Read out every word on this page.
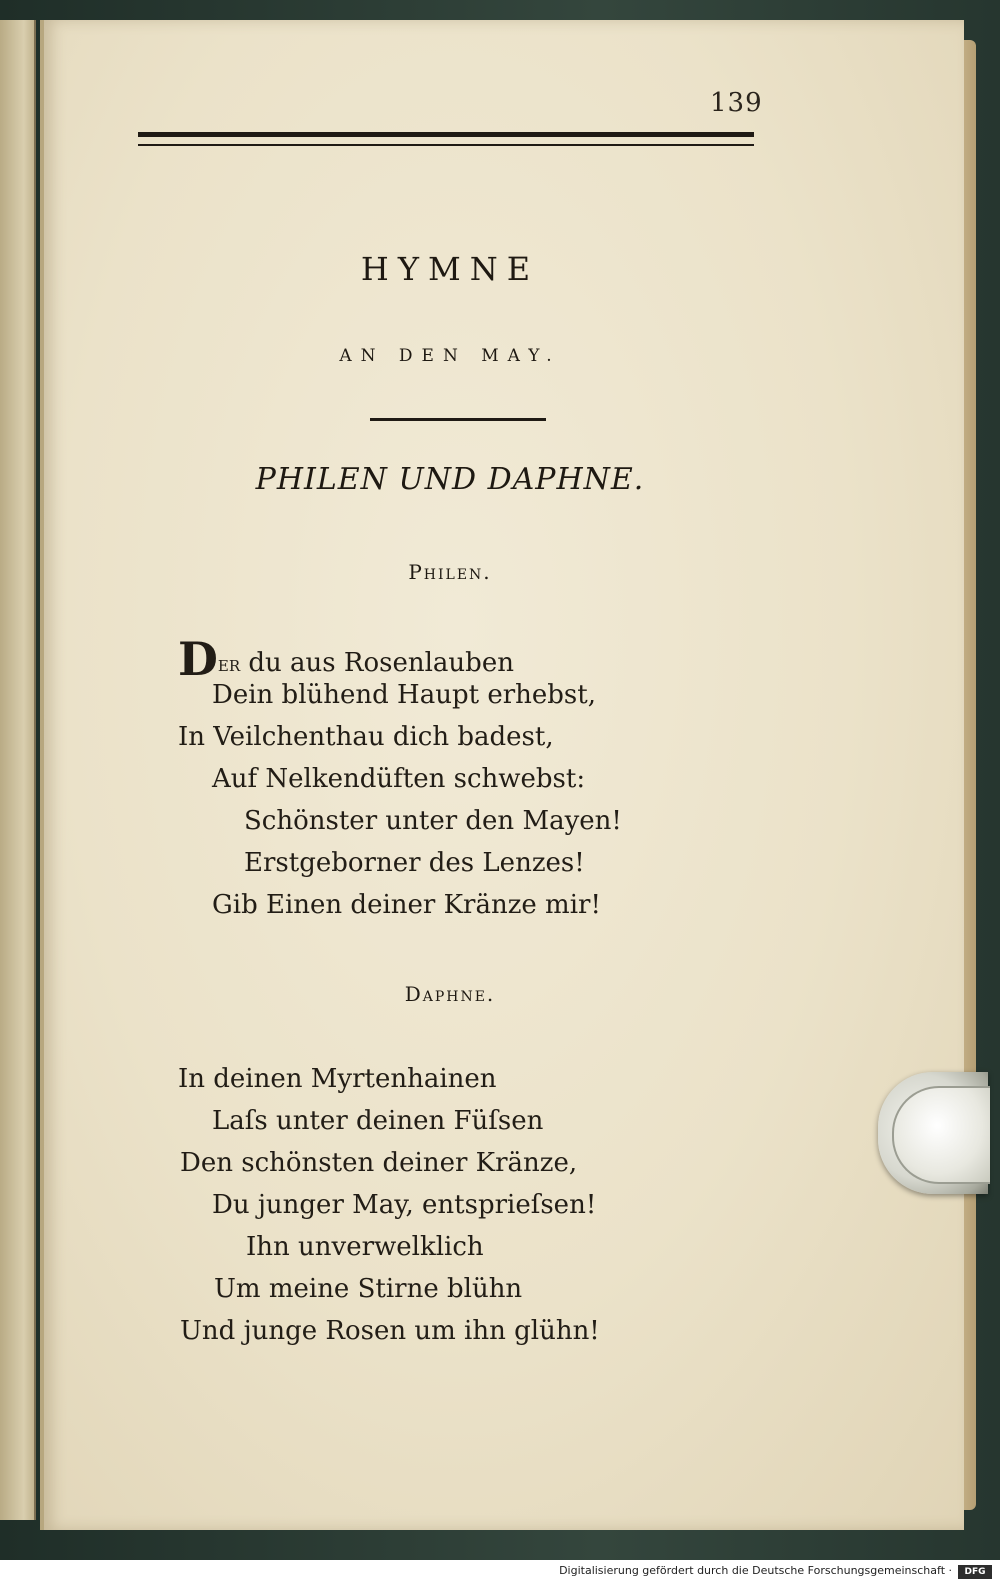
139
HYMNE
AN DEN MAY.
PHILEN UND DAPHNE.
Philen.
Der du aus Rosenlauben
Dein blühend Haupt erhebst,
In Veilchenthau dich badest,
Auf Nelkendüften schwebst:
Schönster unter den Mayen!
Erstgeborner des Lenzes!
Gib Einen deiner Kränze mir!
Daphne.
In deinen Myrtenhainen
Laſs unter deinen Füſsen
Den schönsten deiner Kränze,
Du junger May, entsprieſsen!
Ihn unverwelklich
Um meine Stirne blühn
Und junge Rosen um ihn glühn!
Digitalisierung gefördert durch die Deutsche Forschungsgemeinschaft ·	DFG
